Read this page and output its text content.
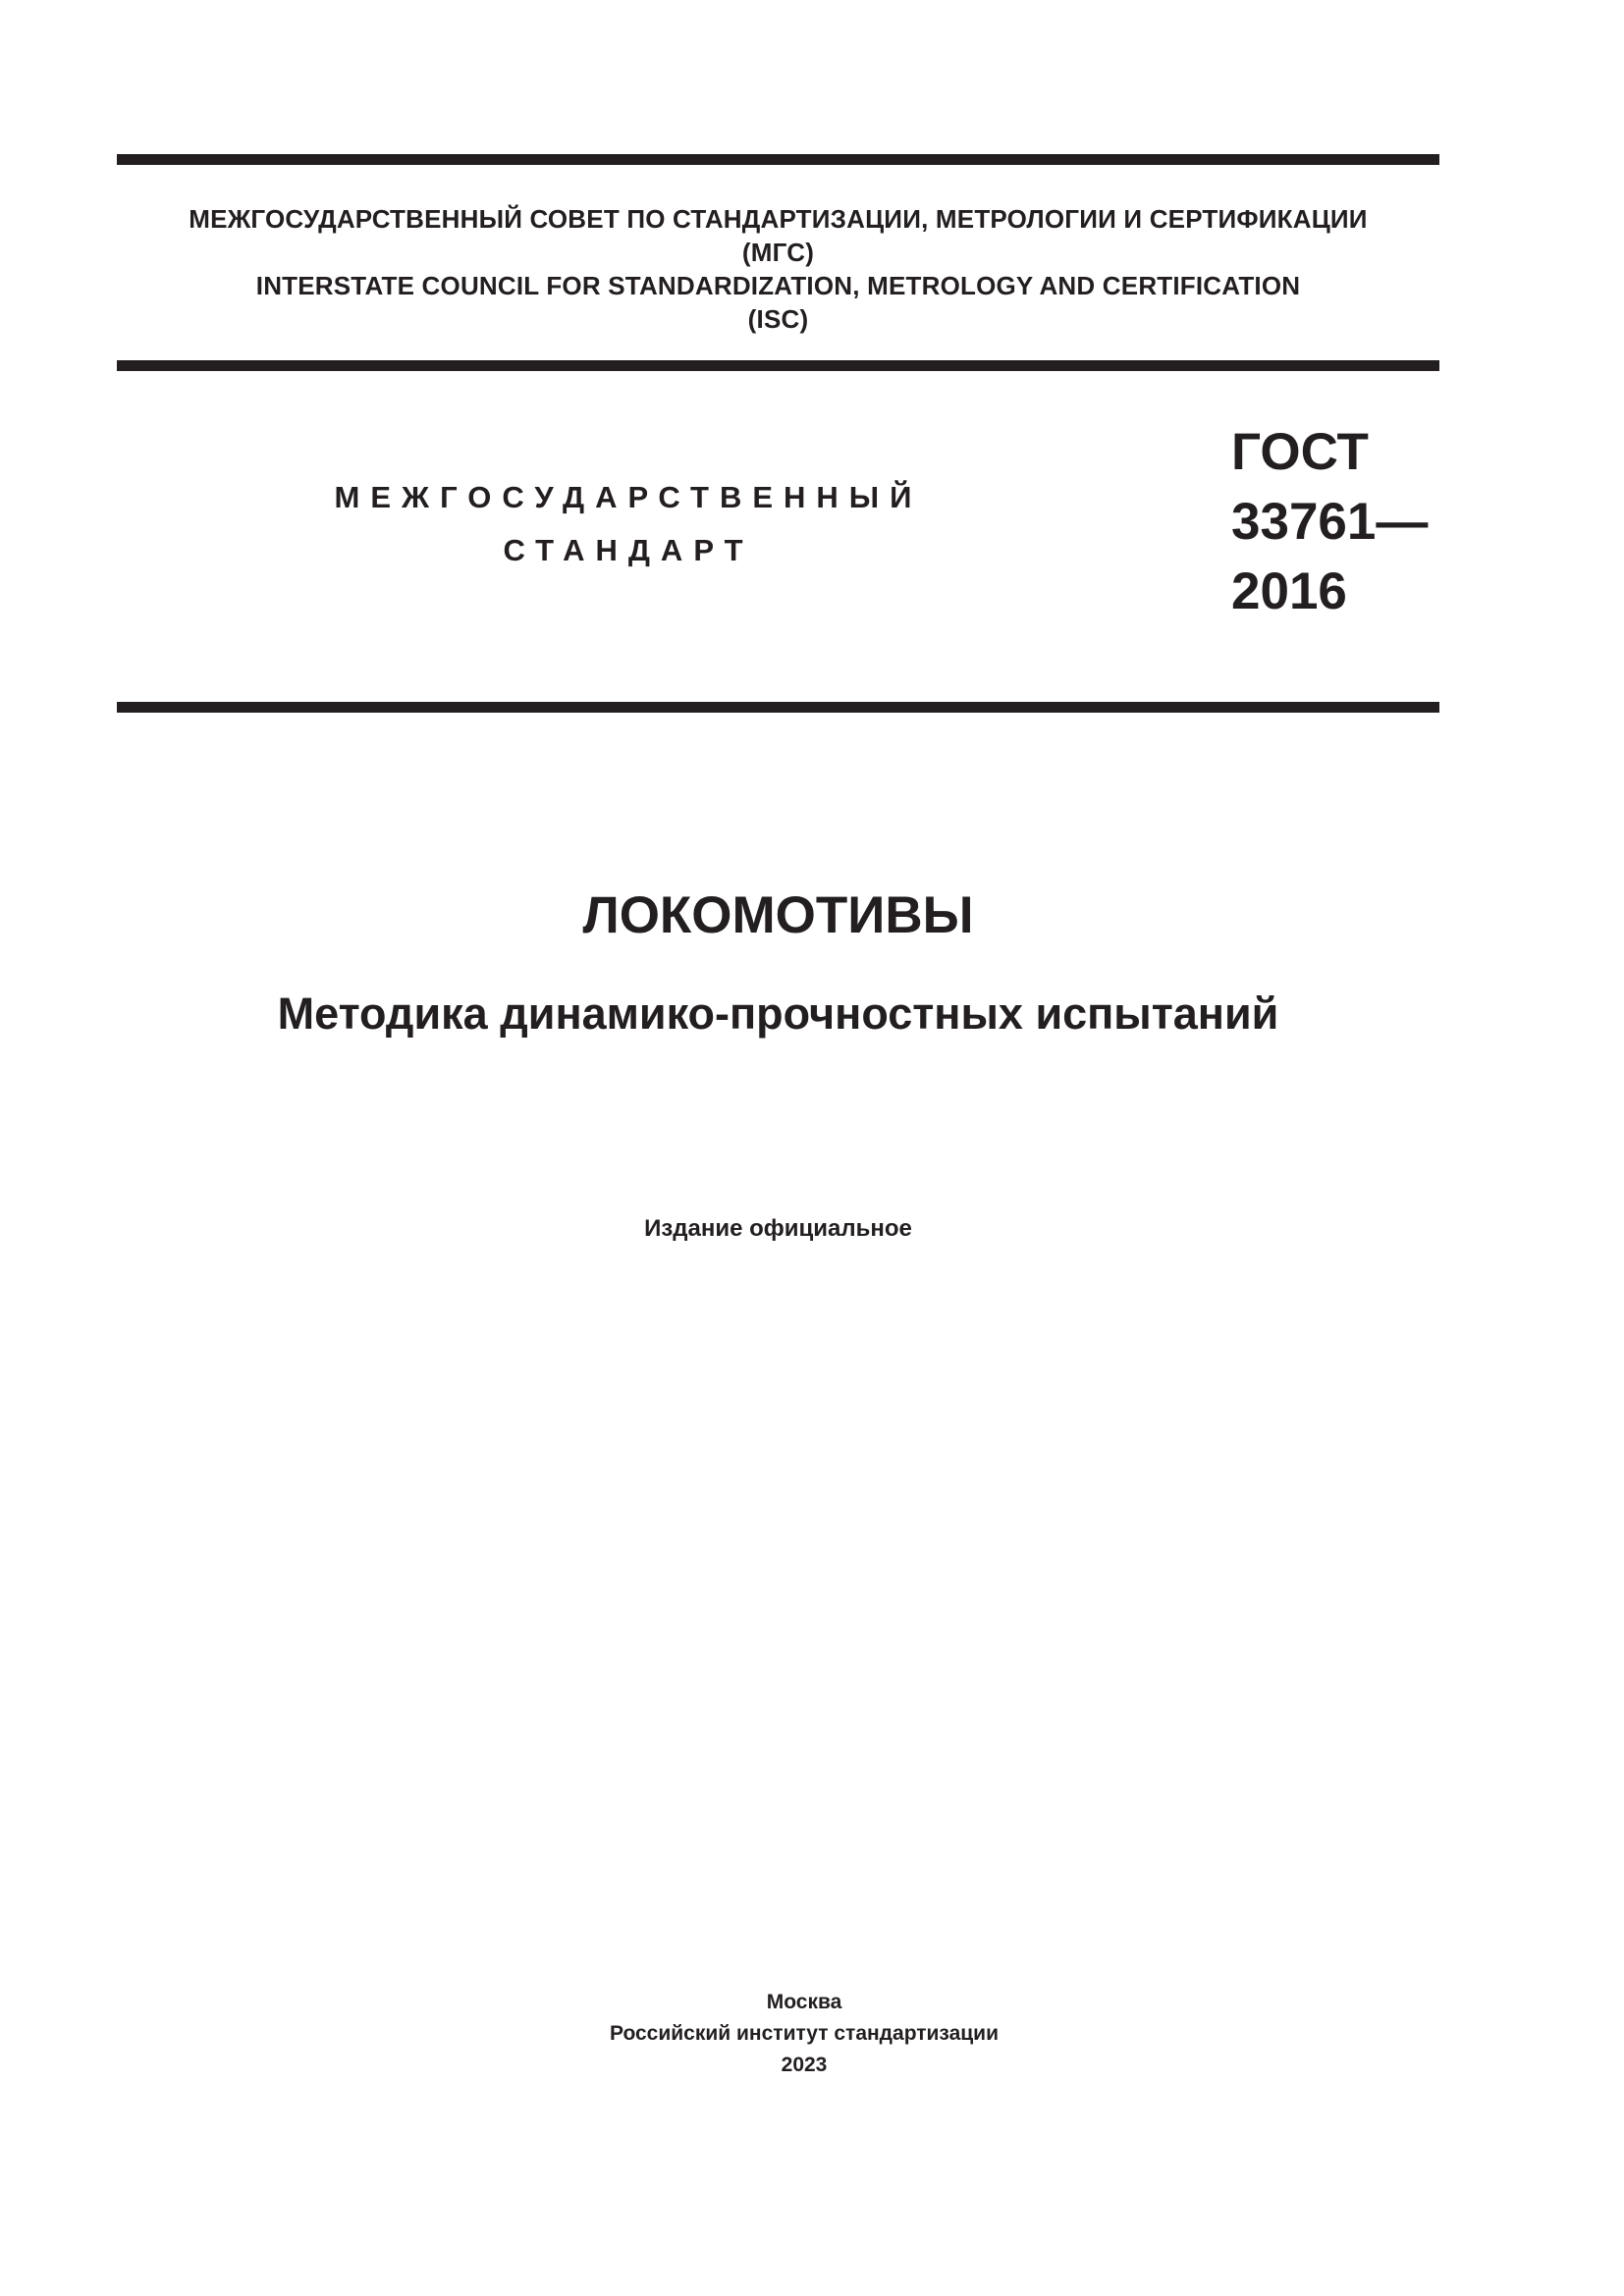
МЕЖГОСУДАРСТВЕННЫЙ СОВЕТ ПО СТАНДАРТИЗАЦИИ, МЕТРОЛОГИИ И СЕРТИФИКАЦИИ
(МГС)
INTERSTATE COUNCIL FOR STANDARDIZATION, METROLOGY AND CERTIFICATION
(ISC)
МЕЖГОСУДАРСТВЕННЫЙ
СТАНДАРТ
ГОСТ
33761—
2016
ЛОКОМОТИВЫ
Методика динамико-прочностных испытаний
Издание официальное
Москва
Российский институт стандартизации
2023
